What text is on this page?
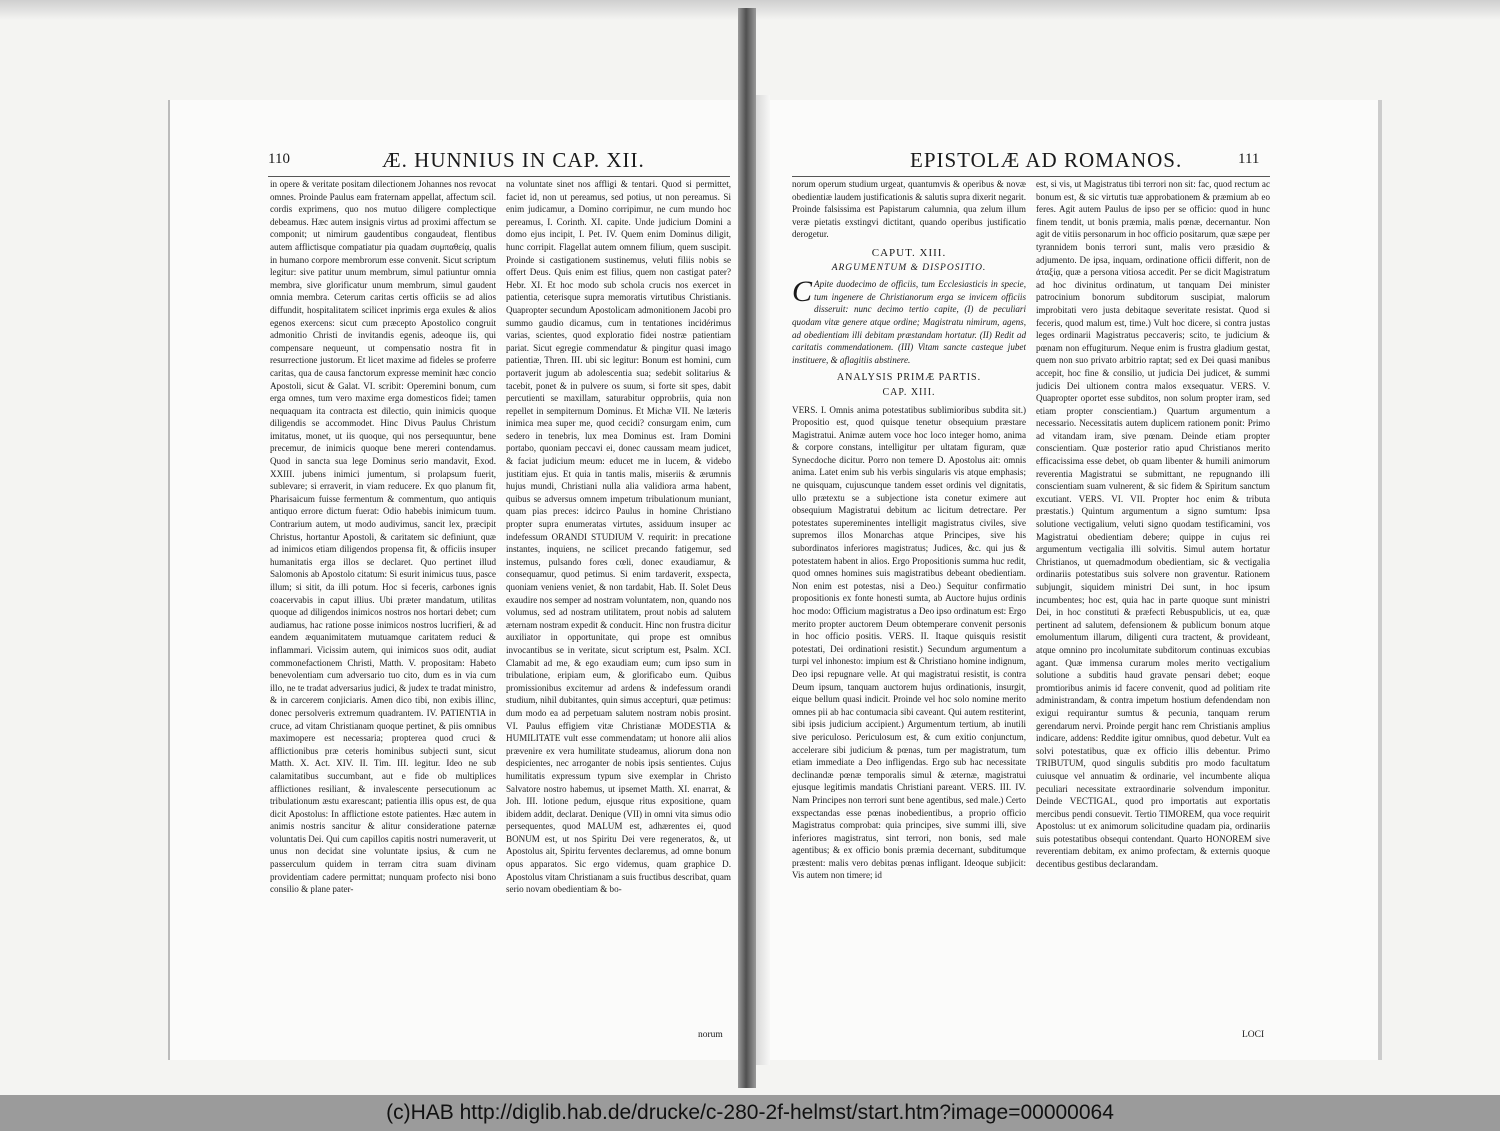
110	Æ. HUNNIUS IN CAP. XII.

in opere & veritate positam dilectionem Johannes nos revocat omnes. Proinde Paulus eam fraternam appellat, affectum scil. cordis exprimens, quo nos mutuo diligere complectique debeamus. Hæc autem insignis virtus ad proximi affectum se componit; ut nimirum gaudentibus congaudeat, flentibus autem afflictisque compatiatur pia quadam συμπαθείᾳ, qualis in humano corpore membrorum esse convenit. Sicut scriptum legitur: sive patitur unum membrum, simul patiuntur omnia membra, sive glorificatur unum membrum, simul gaudent omnia membra. Ceterum caritas certis officiis se ad alios diffundit, hospitalitatem scilicet inprimis erga exules & alios egenos exercens: sicut cum præcepto Apostolico congruit admonitio Christi de invitandis egenis, adeoque iis, qui compensare nequeunt, ut compensatio nostra fit in resurrectione justorum. Et licet maxime ad fideles se proferre caritas, qua de causa fanctorum expresse meminit hæc concio Apostoli, sicut & Galat. VI. scribit: Operemini bonum, cum erga omnes, tum vero maxime erga domesticos fidei; tamen nequaquam ita contracta est dilectio, quin inimicis quoque diligendis se accommodet. Hinc Divus Paulus Christum imitatus, monet, ut iis quoque, qui nos persequuntur, bene precemur, de inimicis quoque bene mereri contendamus. Quod in sancta sua lege Dominus serio mandavit, Exod. XXIII. jubens inimici jumentum, si prolapsum fuerit, sublevare; si erraverit, in viam reducere. Ex quo planum fit, Pharisaicum fuisse fermentum & commentum, quo antiquis antiquo errore dictum fuerat: Odio habebis inimicum tuum. Contrarium autem, ut modo audivimus, sancit lex, præcipit Christus, hortantur Apostoli, & caritatem sic definiunt, quæ ad inimicos etiam diligendos propensa fit, & officiis insuper humanitatis erga illos se declaret. Quo pertinet illud Salomonis ab Apostolo citatum: Si esurit inimicus tuus, pasce illum; si sitit, da illi potum. Hoc si feceris, carbones ignis coacervabis in caput illius. Ubi præter mandatum, utilitas quoque ad diligendos inimicos nostros nos hortari debet; cum audiamus, hac ratione posse inimicos nostros lucrifieri, & ad eandem æquanimitatem mutuamque caritatem reduci & inflammari. Vicissim autem, qui inimicos suos odit, audiat commonefactionem Christi, Matth. V. propositam: Habeto benevolentiam cum adversario tuo cito, dum es in via cum illo, ne te tradat adversarius judici, & judex te tradat ministro, & in carcerem conjiciaris. Amen dico tibi, non exibis illinc, donec persolveris extremum quadrantem. IV. PATIENTIA in cruce, ad vitam Christianam quoque pertinet, & piis omnibus maximopere est necessaria; propterea quod cruci & afflictionibus præ ceteris hominibus subjecti sunt, sicut Matth. X. Act. XIV. II. Tim. III. legitur. Ideo ne sub calamitatibus succumbant, aut e fide ob multiplices afflictiones resiliant, & invalescente persecutionum ac tribulationum æstu exarescant; patientia illis opus est, de qua dicit Apostolus: In afflictione estote patientes. Hæc autem in animis nostris sancitur & alitur consideratione paternæ voluntatis Dei. Qui cum capillos capitis nostri numeraverit, ut unus non decidat sine voluntate ipsius, & cum ne passerculum quidem in terram citra suam divinam providentiam cadere permittat; nunquam profecto nisi bono consilio & plane pater-

na voluntate sinet nos affligi & tentari. Quod si permittet, faciet id, non ut pereamus, sed potius, ut non pereamus. Si enim judicamur, a Domino corripimur, ne cum mundo hoc pereamus, I. Corinth. XI. capite. Unde judicium Domini a domo ejus incipit, I. Pet. IV. Quem enim Dominus diligit, hunc corripit. Flagellat autem omnem filium, quem suscipit. Proinde si castigationem sustinemus, veluti filiis nobis se offert Deus. Quis enim est filius, quem non castigat pater? Hebr. XI. Et hoc modo sub schola crucis nos exercet in patientia, ceterisque supra memoratis virtutibus Christianis. Quapropter secundum Apostolicam admonitionem Jacobi pro summo gaudio dicamus, cum in tentationes incidérimus varias, scientes, quod exploratio fidei nostræ patientiam pariat. Sicut egregie commendatur & pingitur quasi imago patientiæ, Thren. III. ubi sic legitur: Bonum est homini, cum portaverit jugum ab adolescentia sua; sedebit solitarius & tacebit, ponet & in pulvere os suum, si forte sit spes, dabit percutienti se maxillam, saturabitur opprobriis, quia non repellet in sempiternum Dominus. Et Michæ VII. Ne læteris inimica mea super me, quod cecidi? consurgam enim, cum sedero in tenebris, lux mea Dominus est. Iram Domini portabo, quoniam peccavi ei, donec caussam meam judicet, & faciat judicium meum: educet me in lucem, & videbo justitiam ejus. Et quia in tantis malis, miseriis & ærumnis hujus mundi, Christiani nulla alia validiora arma habent, quibus se adversus omnem impetum tribulationum muniant, quam pias preces: idcirco Paulus in homine Christiano propter supra enumeratas virtutes, assiduum insuper ac indefessum ORANDI STUDIUM V. requirit: in precatione instantes, inquiens, ne scilicet precando fatigemur, sed instemus, pulsando fores cœli, donec exaudiamur, & consequamur, quod petimus. Si enim tardaverit, exspecta, quoniam veniens veniet, & non tardabit, Hab. II. Solet Deus exaudire nos semper ad nostram voluntatem, non, quando nos volumus, sed ad nostram utilitatem, prout nobis ad salutem æternam nostram expedit & conducit. Hinc non frustra dicitur auxiliator in opportunitate, qui prope est omnibus invocantibus se in veritate, sicut scriptum est, Psalm. XCI. Clamabit ad me, & ego exaudiam eum; cum ipso sum in tribulatione, eripiam eum, & glorificabo eum. Quibus promissionibus excitemur ad ardens & indefessum orandi studium, nihil dubitantes, quin simus accepturi, quæ petimus: dum modo ea ad perpetuam salutem nostram nobis prosint. VI. Paulus effigiem vitæ Christianæ MODESTIA & HUMILITATE vult esse commendatam; ut honore alii alios prævenire ex vera humilitate studeamus, aliorum dona non despicientes, nec arroganter de nobis ipsis sentientes. Cujus humilitatis expressum typum sive exemplar in Christo Salvatore nostro habemus, ut ipsemet Matth. XI. enarrat, & Joh. III. lotione pedum, ejusque ritus expositione, quam ibidem addit, declarat. Denique (VII) in omni vita simus odio persequentes, quod MALUM est, adhærentes ei, quod BONUM est, ut nos Spiritu Dei vere regeneratos, &, ut Apostolus ait, Spiritu ferventes declaremus, ad omne bonum opus apparatos. Sic ergo videmus, quam graphice D. Apostolus vitam Christianam a suis fructibus describat, quam serio novam obedientiam & bo-

norum
EPISTOLÆ AD ROMANOS.	111

norum operum studium urgeat, quantumvis & operibus & novæ obedientiæ laudem justificationis & salutis supra dixerit negarit. Proinde falsissima est Papistarum calumnia, qua zelum illum veræ pietatis exstingvi dictitant, quando operibus justificatio derogetur.

CAPUT. XIII.
ARGUMENTUM & DISPOSITIO.

C Apite duodecimo de officiis, tum Ecclesiasticis in specie, tum ingenere de Christianorum erga se invicem officiis disseruit: nunc decimo tertio capite, (I) de peculiari quodam vitæ genere atque ordine; Magistratu nimirum, agens, ad obedientiam illi debitam præstandam hortatur. (II) Redit ad caritatis commendationem. (III) Vitam sancte casteque jubet instituere, & aflagitiis abstinere.

ANALYSIS PRIMÆ PARTIS.
CAP. XIII.

VERS. I. Omnis anima potestatibus sublimioribus subdita sit.) Propositio est, quod quisque tenetur obsequium præstare Magistratui. Animæ autem voce hoc loco integer homo, anima & corpore constans, intelligitur per ultatam figuram, quæ Synecdoche dicitur. Porro non temere D. Apostolus ait: omnis anima. Latet enim sub his verbis singularis vis atque emphasis; ne quisquam, cujuscunque tandem esset ordinis vel dignitatis, ullo prætextu se a subjectione ista conetur eximere aut obsequium Magistratui debitum ac licitum detrectare. Per potestates supereminentes intelligit magistratus civiles, sive supremos illos Monarchas atque Principes, sive his subordinatos inferiores magistratus; Judices, &c. qui jus & potestatem habent in alios. Ergo Propositionis summa huc redit, quod omnes homines suis magistratibus debeant obedientiam. Non enim est potestas, nisi a Deo.) Sequitur confirmatio propositionis ex fonte honesti sumta, ab Auctore hujus ordinis hoc modo: Officium magistratus a Deo ipso ordinatum est: Ergo merito propter auctorem Deum obtemperare convenit personis in hoc officio positis. VERS. II. Itaque quisquis resistit potestati, Dei ordinationi resistit.) Secundum argumentum a turpi vel inhonesto: impium est & Christiano homine indignum, Deo ipsi repugnare velle. At qui magistratui resistit, is contra Deum ipsum, tanquam auctorem hujus ordinationis, insurgit, eique bellum quasi indicit. Proinde vel hoc solo nomine merito omnes pii ab hac contumacia sibi caveant. Qui autem restiterint, sibi ipsis judicium accipient.) Argumentum tertium, ab inutili sive periculoso. Periculosum est, & cum exitio conjunctum, accelerare sibi judicium & pœnas, tum per magistratum, tum etiam immediate a Deo infligendas. Ergo sub hac necessitate declinandæ pœnæ temporalis simul & æternæ, magistratui ejusque legitimis mandatis Christiani pareant. VERS. III. IV. Nam Principes non terrori sunt bene agentibus, sed male.) Certo exspectandas esse pœnas inobedientibus, a proprio officio Magistratus comprobat: quia principes, sive summi illi, sive inferiores magistratus, sint terrori, non bonis, sed male agentibus; & ex officio bonis præmia decernant, subditumque præstent: malis vero debitas pœnas infligant. Ideoque subjicit: Vis autem non timere; id

est, si vis, ut Magistratus tibi terrori non sit: fac, quod rectum ac bonum est, & sic virtutis tuæ approbationem & præmium ab eo feres. Agit autem Paulus de ipso per se officio: quod in hunc finem tendit, ut bonis præmia, malis pœnæ, decernantur. Non agit de vitiis personarum in hoc officio positarum, quæ sæpe per tyrannidem bonis terrori sunt, malis vero præsidio & adjumento. De ipsa, inquam, ordinatione officii differit, non de ἀταξίᾳ, quæ a persona vitiosa accedit. Per se dicit Magistratum ad hoc divinitus ordinatum, ut tanquam Dei minister patrocinium bonorum subditorum suscipiat, malorum improbitati vero justa debitaque severitate resistat. Quod si feceris, quod malum est, time.) Vult hoc dicere, si contra justas leges ordinarii Magistratus peccaveris; scito, te judicium & pœnam non effugiturum. Neque enim is frustra gladium gestat, quem non suo privato arbitrio raptat; sed ex Dei quasi manibus accepit, hoc fine & consilio, ut judicia Dei judicet, & summi judicis Dei ultionem contra malos exsequatur. VERS. V. Quapropter oportet esse subditos, non solum propter iram, sed etiam propter conscientiam.) Quartum argumentum a necessario. Necessitatis autem duplicem rationem ponit: Primo ad vitandam iram, sive pœnam. Deinde etiam propter conscientiam. Quæ posterior ratio apud Christianos merito efficacissima esse debet, ob quam libenter & humili animorum reverentia Magistratui se submittant, ne repugnando illi conscientiam suam vulnerent, & sic fidem & Spiritum sanctum excutiant. VERS. VI. VII. Propter hoc enim & tributa præstatis.) Quintum argumentum a signo sumtum: Ipsa solutione vectigalium, veluti signo quodam testificamini, vos Magistratui obedientiam debere; quippe in cujus rei argumentum vectigalia illi solvitis. Simul autem hortatur Christianos, ut quemadmodum obedientiam, sic & vectigalia ordinariis potestatibus suis solvere non graventur. Rationem subjungit, siquidem ministri Dei sunt, in hoc ipsum incumbentes; hoc est, quia hac in parte quoque sunt ministri Dei, in hoc constituti & præfecti Rebuspublicis, ut ea, quæ pertinent ad salutem, defensionem & publicum bonum atque emolumentum illarum, diligenti cura tractent, & provideant, atque omnino pro incolumitate subditorum continuas excubias agant. Quæ immensa curarum moles merito vectigalium solutione a subditis haud gravate pensari debet; eoque promtioribus animis id facere convenit, quod ad politiam rite administrandam, & contra impetum hostium defendendam non exigui requirantur sumtus & pecunia, tanquam rerum gerendarum nervi. Proinde pergit hanc rem Christianis amplius indicare, addens: Reddite igitur omnibus, quod debetur. Vult ea solvi potestatibus, quæ ex officio illis debentur. Primo TRIBUTUM, quod singulis subditis pro modo facultatum cuiusque vel annuatim & ordinarie, vel incumbente aliqua peculiari necessitate extraordinarie solvendum imponitur. Deinde VECTIGAL, quod pro importatis aut exportatis mercibus pendi consuevit. Tertio TIMOREM, qua voce requirit Apostolus: ut ex animorum solicitudine quadam pia, ordinariis suis potestatibus obsequi contendant. Quarto HONOREM sive reverentiam debitam, ex animo profectam, & externis quoque decentibus gestibus declarandam.

LOCI
(c)HAB http://diglib.hab.de/drucke/c-280-2f-helmst/start.htm?image=00000064
